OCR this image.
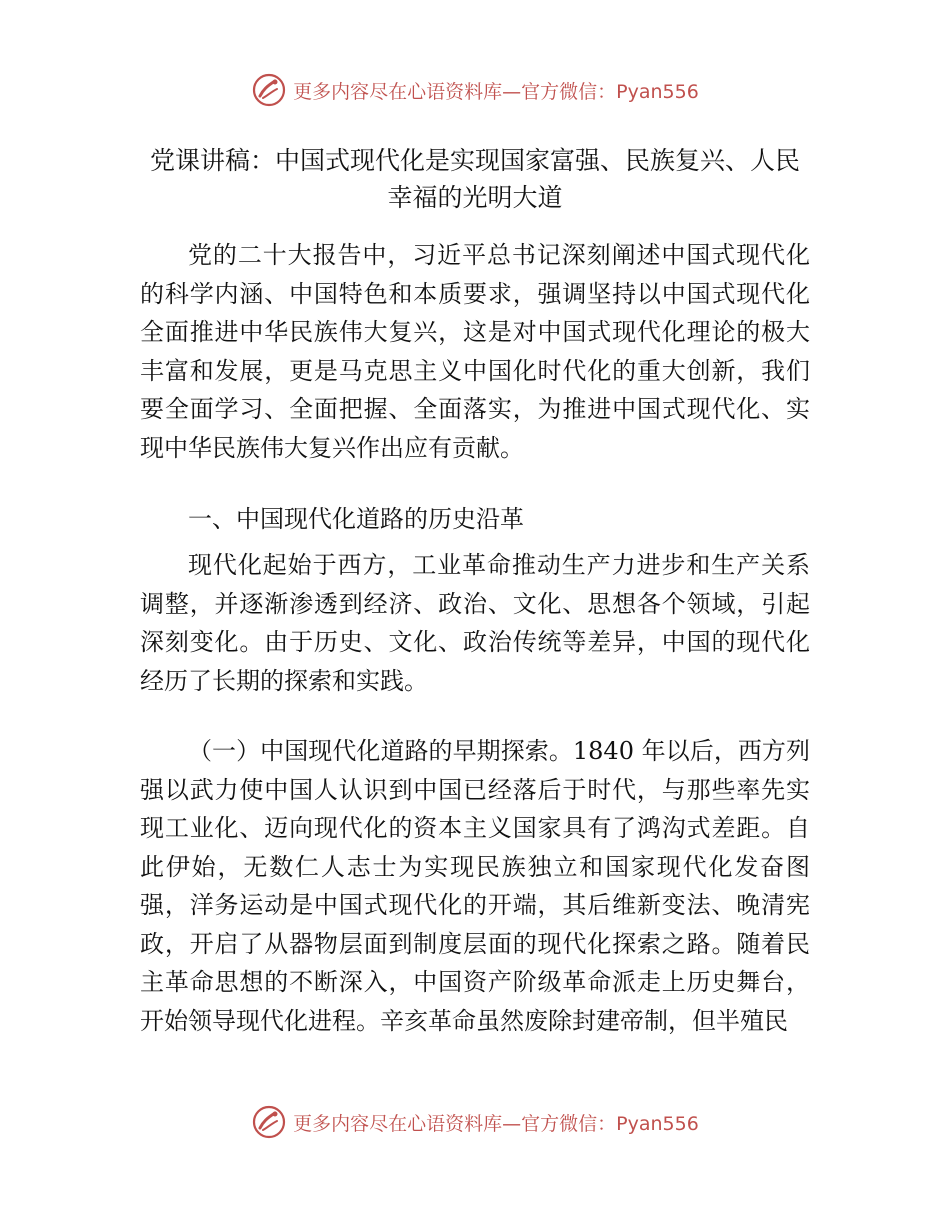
更多内容尽在心语资料库—官方微信：Pyan556
党课讲稿：中国式现代化是实现国家富强、民族复兴、人民幸福的光明大道

党的二十大报告中，习近平总书记深刻阐述中国式现代化的科学内涵、中国特色和本质要求，强调坚持以中国式现代化全面推进中华民族伟大复兴，这是对中国式现代化理论的极大丰富和发展，更是马克思主义中国化时代化的重大创新，我们要全面学习、全面把握、全面落实，为推进中国式现代化、实现中华民族伟大复兴作出应有贡献。

一、中国现代化道路的历史沿革

现代化起始于西方，工业革命推动生产力进步和生产关系调整，并逐渐渗透到经济、政治、文化、思想各个领域，引起深刻变化。由于历史、文化、政治传统等差异，中国的现代化经历了长期的探索和实践。

（一）中国现代化道路的早期探索。1840 年以后，西方列强以武力使中国人认识到中国已经落后于时代，与那些率先实现工业化、迈向现代化的资本主义国家具有了鸿沟式差距。自此伊始，无数仁人志士为实现民族独立和国家现代化发奋图强，洋务运动是中国式现代化的开端，其后维新变法、晚清宪政，开启了从器物层面到制度层面的现代化探索之路。随着民主革命思想的不断深入，中国资产阶级革命派走上历史舞台，开始领导现代化进程。辛亥革命虽然废除封建帝制，但半殖民

更多内容尽在心语资料库—官方微信：Pyan556
